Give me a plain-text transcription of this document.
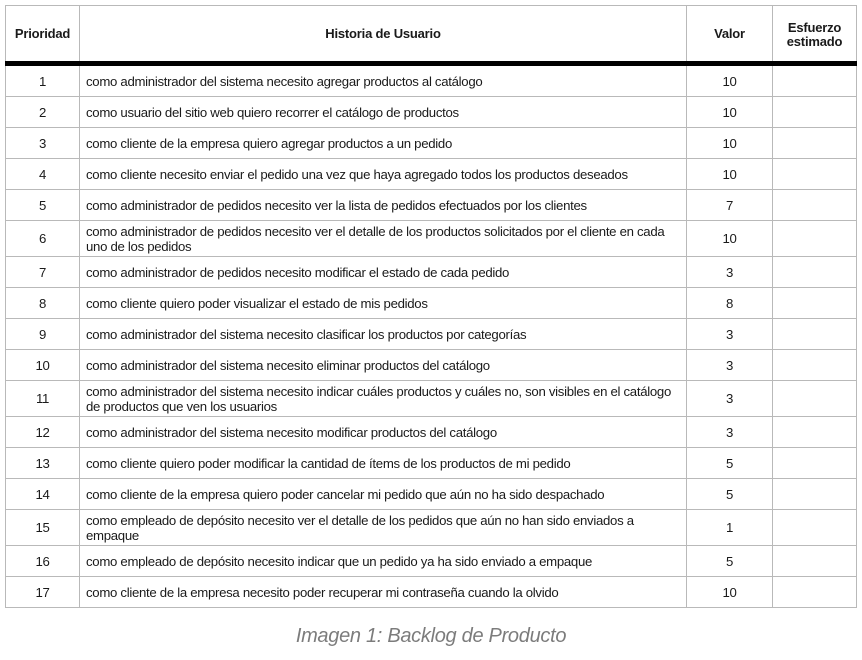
Prioridad	Historia de Usuario	Valor	Esfuerzo
estimado
1	como administrador del sistema necesito agregar productos al catálogo	10	
2	como usuario del sitio web quiero recorrer el catálogo de productos	10	
3	como cliente de la empresa quiero agregar productos a un pedido	10	
4	como cliente necesito enviar el pedido una vez que haya agregado todos los productos deseados	10	
5	como administrador de pedidos necesito ver la lista de pedidos efectuados por los clientes	7	
6	como administrador de pedidos necesito ver el detalle de los productos solicitados por el cliente en cada uno de los pedidos	10	
7	como administrador de pedidos necesito modificar el estado de cada pedido	3	
8	como cliente quiero poder visualizar el estado de mis pedidos	8	
9	como administrador del sistema necesito clasificar los productos por categorías	3	
10	como administrador del sistema necesito eliminar productos del catálogo	3	
11	como administrador del sistema necesito indicar cuáles productos y cuáles no, son visibles en el catálogo de productos que ven los usuarios	3	
12	como administrador del sistema necesito modificar productos del catálogo	3	
13	como cliente quiero poder modificar la cantidad de ítems de los productos de mi pedido	5	
14	como cliente de la empresa quiero poder cancelar mi pedido que aún no ha sido despachado	5	
15	como empleado de depósito necesito ver el detalle de los pedidos que aún no han sido enviados a empaque	1	
16	como empleado de depósito necesito indicar que un pedido ya ha sido enviado a empaque	5	
17	como cliente de la empresa necesito poder recuperar mi contraseña cuando la olvido	10	
Imagen 1: Backlog de Producto
